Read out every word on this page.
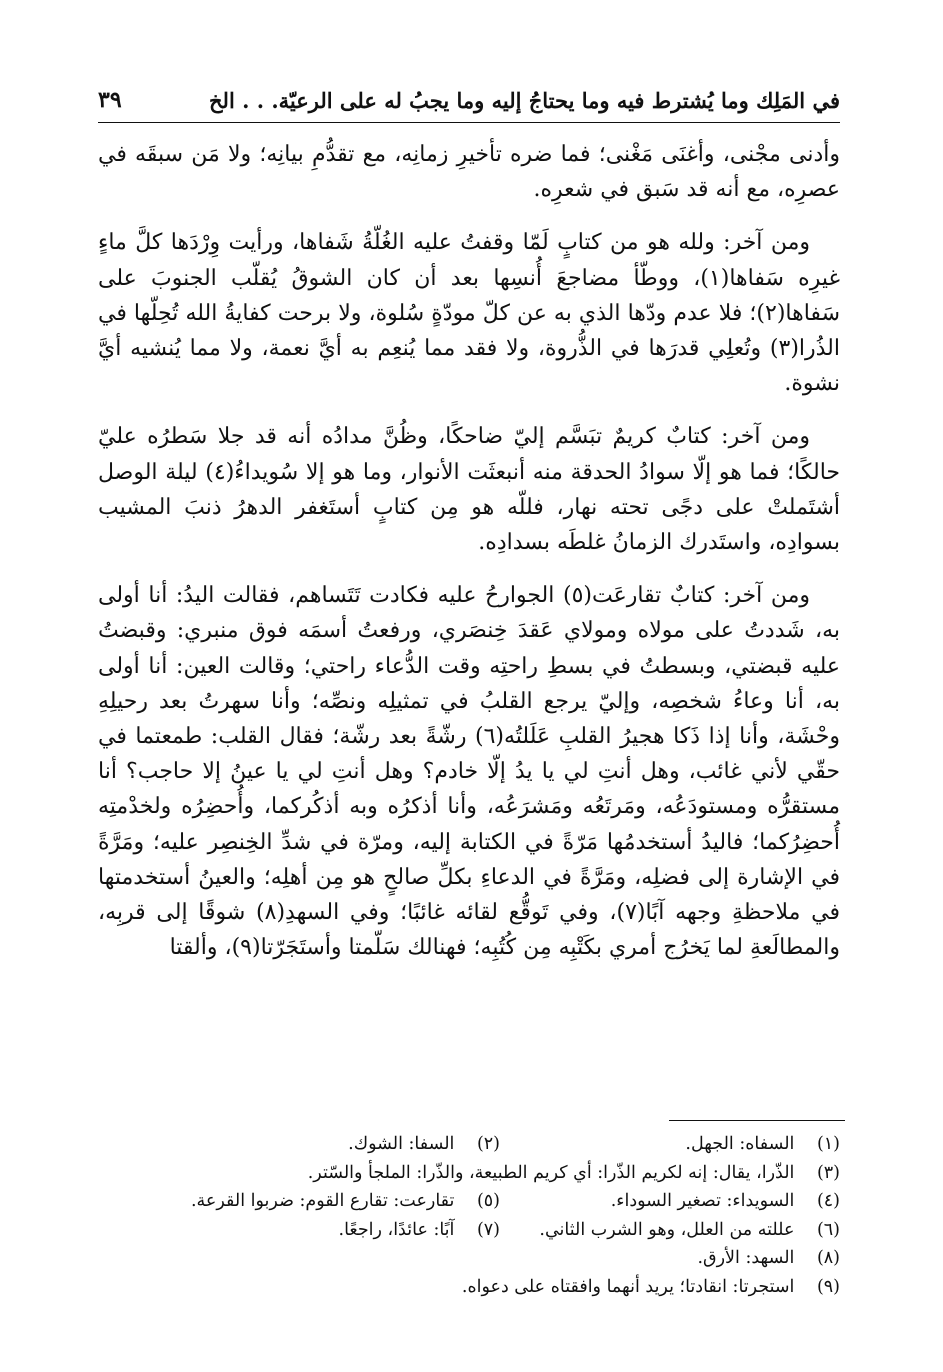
في المَلِك وما يُشترط فيه وما يحتاجُ إليه وما يجبُ له على الرعيّة. . . الخ
٣٩

وأدنى مجْنى، وأغنَى مَغْنى؛ فما ضره تأخيرِ زمانِه، مع تقدُّمِ بيانِه؛ ولا مَن سبقَه في عصرِه، مع أنه قد سَبق في شعرِه.

ومن آخر: ولله هو من كتابٍ لَمّا وقفتُ عليه الغُلّةُ شَفاها، ورأيت وِرْدَها كلَّ ماءٍ غيرِه سَفاها(١)، ووطّأ مضاجعَ أُنسِها بعد أن كان الشوقُ يُقلّب الجنوبَ على سَفاها(٢)؛ فلا عدم ودّها الذي به عن كلّ مودّةٍ سُلوة، ولا برحت كفايةُ الله تُحِلّها في الذُرا(٣) وتُعلِي قدرَها في الذُّروة، ولا فقد مما يُنعِم به أيَّ نعمة، ولا مما يُنشيه أيَّ نشوة.

ومن آخر: كتابٌ كريمٌ تبَسَّم إليّ ضاحكًا، وظُنَّ مدادُه أنه قد جلا سَطرُه عليّ حالكًا؛ فما هو إلّا سوادُ الحدقة منه أنبعثَت الأنوار، وما هو إلا سُويداءُ(٤) ليلة الوصل أشتَملتْ على دجًى تحته نهار، فللّه هو مِن كتابٍ أستَغفر الدهرُ ذنبَ المشيب بسوادِه، واستَدرك الزمانُ غلطَه بسدادِه.

ومن آخر: كتابٌ تقارعَت(٥) الجوارحُ عليه فكادت تَتَساهم، فقالت اليدُ: أنا أولى به، شَددتُ على مولاه ومولاي عَقدَ خِنصَري، ورفعتُ أسمَه فوق منبري: وقبضتُ عليه قبضتي، وبسطتُ في بسطِ راحتِه وقت الدُّعاء راحتي؛ وقالت العين: أنا أولى به، أنا وعاءُ شخصِه، وإليّ يرجع القلبُ في تمثيلِه ونصِّه؛ وأنا سهرتُ بعد رحيلِهِ وحْشَة، وأنا إذا ذَكا هجيرُ القلبِ عَلَلتُه(٦) رشّةً بعد رشّة؛ فقال القلب: طمعتما في حقّي لأني غائب، وهل أنتِ لي يا يدُ إلّا خادم؟ وهل أنتِ لي يا عينُ إلا حاجب؟ أنا مستقرُّه ومستودَعُه، ومَرتَعُه ومَشرَعُه، وأنا أذكرُه وبه أذكُركما، وأُحضِرُه ولخدْمتِه أُحضِرُكما؛ فاليدُ أستخدمُها مَرّةً في الكتابة إليه، ومرّة في شدِّ الخِنصِر عليه؛ ومَرَّةً في الإشارة إلى فضلِه، ومَرَّةً في الدعاءِ بكلِّ صالحٍ هو مِن أهلِه؛ والعينُ أستخدمتها في ملاحظةِ وجهه آبًا(٧)، وفي تَوقُّع لقائه غائبًا؛ وفي السهدِ(٨) شوقًا إلى قربِه، والمطالَعةِ لما يَخرُج أمري بكَتْبِه مِن كُتُبِه؛ فهنالك سَلّمتا وأستَجَرّتا(٩)، وألقتا

(١) السفاه: الجهل.
(٢) السفا: الشوك.
(٣) الذّرا، يقال: إنه لكريم الذّرا: أي كريم الطبيعة، والذّرا: الملجأ والسّتر.
(٤) السويداء: تصغير السوداء.
(٥) تقارعت: تقارع القوم: ضربوا القرعة.
(٦) عللته من العلل، وهو الشرب الثاني.
(٧) آبًا: عائدًا، راجعًا.
(٨) السهد: الأرق.
(٩) استجرتا: انقادتا؛ يريد أنهما وافقتاه على دعواه.
